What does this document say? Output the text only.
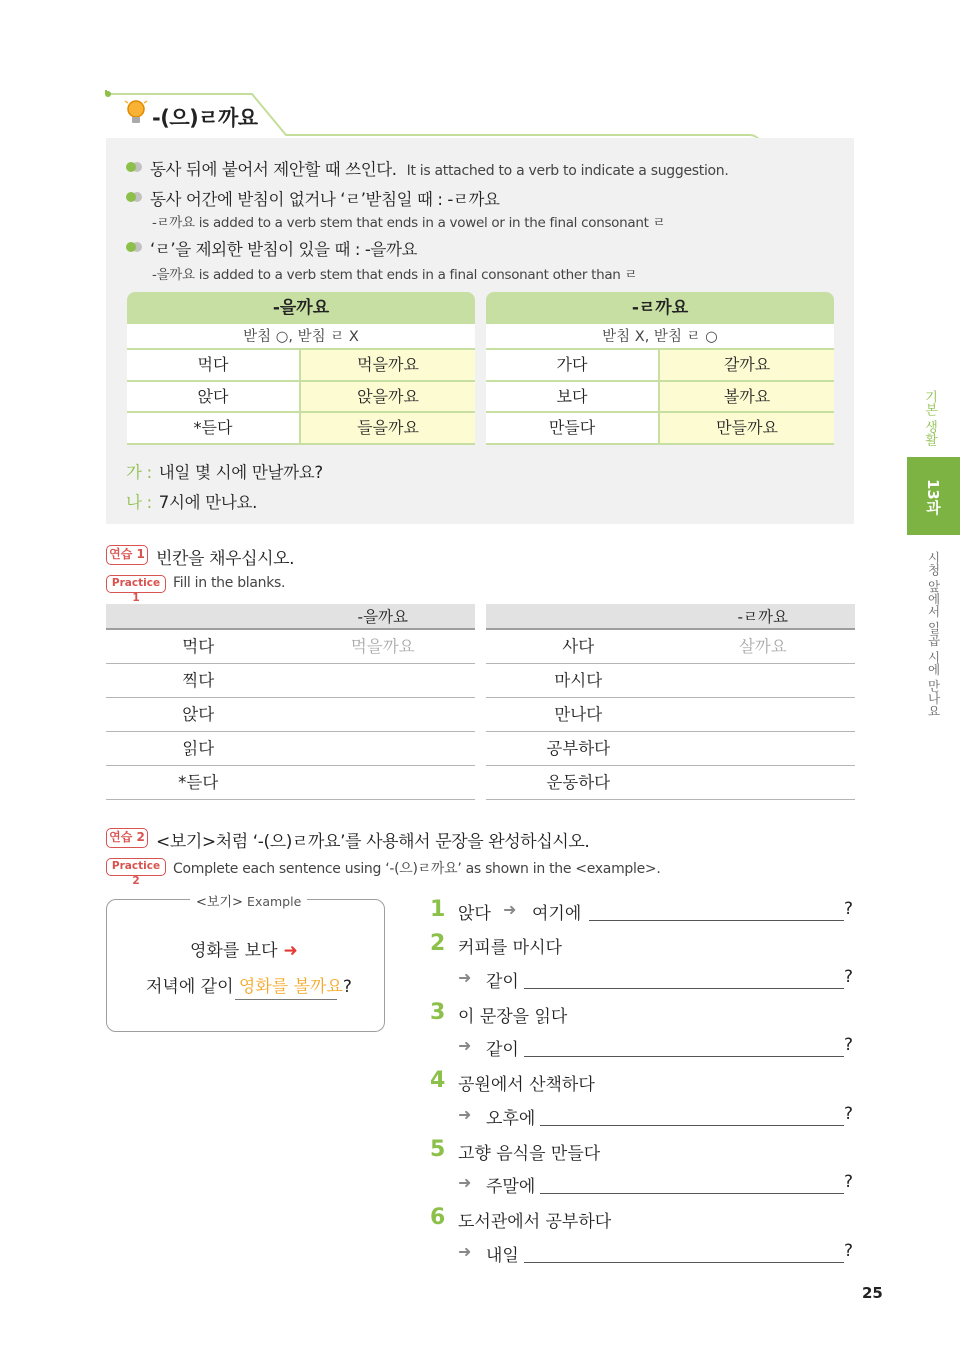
-(으)ㄹ까요
동사 뒤에 붙어서 제안할 때 쓰인다. It is attached to a verb to indicate a suggestion.
동사 어간에 받침이 없거나 ‘ㄹ’받침일 때 : -ㄹ까요
-ㄹ까요 is added to a verb stem that ends in a vowel or in the final consonant ㄹ
‘ㄹ’을 제외한 받침이 있을 때 : -을까요
-을까요 is added to a verb stem that ends in a final consonant other than ㄹ
-을까요
받침 ○, 받침 ㄹ X
먹다	먹을까요
앉다	앉을까요
*듣다	들을까요
-ㄹ까요
받침 X, 받침 ㄹ ○
가다	갈까요
보다	볼까요
만들다	만들까요
가 : 내일 몇 시에 만날까요?
나 : 7시에 만나요.
연습 1 빈칸을 채우십시오.
Practice 1
Fill in the blanks.
-을까요
먹다	먹을까요
찍다
앉다
읽다
*듣다
-ㄹ까요
사다	살까요
마시다
만나다
공부하다
운동하다
연습 2 <보기>처럼 ‘-(으)ㄹ까요’를 사용해서 문장을 완성하십시오.
Practice 2
Complete each sentence using ‘-(으)ㄹ까요’ as shown in the <example>.
<보기> Example
영화를 보다 ➜
저녁에 같이 영화를 볼까요?
1 앉다 ➜ 여기에	?
2 커피를 마시다
➜ 같이	?
3 이 문장을 읽다
➜ 같이	?
4 공원에서 산책하다
➜ 오후에	?
5 고향 음식을 만들다
➜ 주말에	?
6 도서관에서 공부하다
➜ 내일	?
기본 생활
13과
시청 앞에서 일곱 시에 만나요
25
